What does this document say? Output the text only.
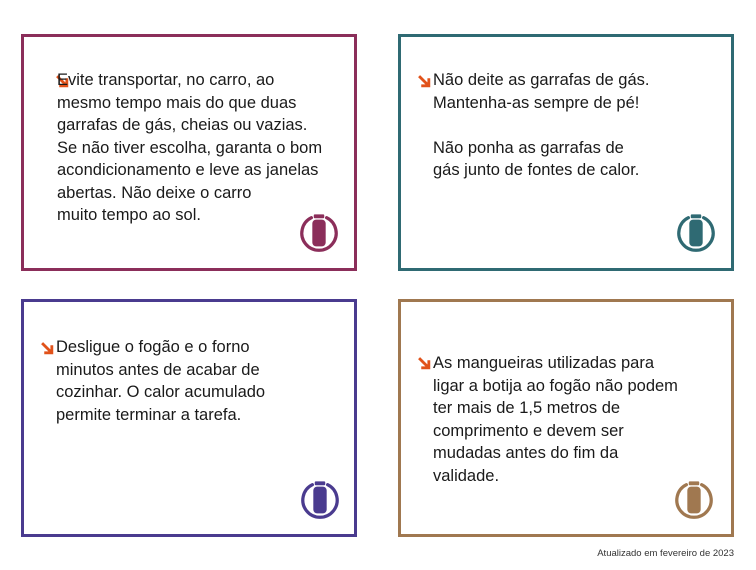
Evite transportar, no carro, ao
mesmo tempo mais do que duas
garrafas de gás, cheias ou vazias.
Se não tiver escolha, garanta o bom
acondicionamento e leve as janelas
abertas. Não deixe o carro
muito tempo ao sol.

Não deite as garrafas de gás.
Mantenha-as sempre de pé!

Não ponha as garrafas de
gás junto de fontes de calor.

Desligue o fogão e o forno
minutos antes de acabar de
cozinhar. O calor acumulado
permite terminar a tarefa.

As mangueiras utilizadas para
ligar a botija ao fogão não podem
ter mais de 1,5 metros de
comprimento e devem ser
mudadas antes do fim da
validade.

Atualizado em fevereiro de 2023
